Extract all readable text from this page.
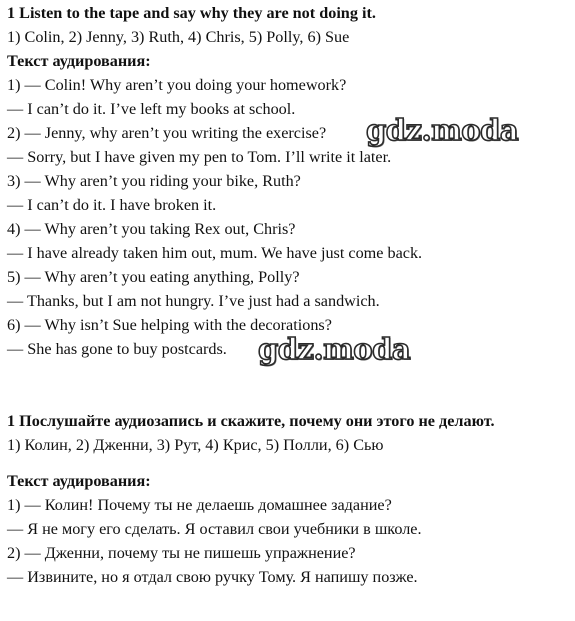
1 Listen to the tape and say why they are not doing it.
1) Colin, 2) Jenny, 3) Ruth, 4) Chris, 5) Polly, 6) Sue
Текст аудирования:
1) — Colin! Why aren’t you doing your homework?
— I can’t do it. I’ve left my books at school.
2) — Jenny, why aren’t you writing the exercise?
— Sorry, but I have given my pen to Tom. I’ll write it later.
3) — Why aren’t you riding your bike, Ruth?
— I can’t do it. I have broken it.
4) — Why aren’t you taking Rex out, Chris?
— I have already taken him out, mum. We have just come back.
5) — Why aren’t you eating anything, Polly?
— Thanks, but I am not hungry. I’ve just had a sandwich.
6) — Why isn’t Sue helping with the decorations?
— She has gone to buy postcards.
gdz.moda
gdz.moda
1 Послушайте аудиозапись и скажите, почему они этого не делают.
1) Колин, 2) Дженни, 3) Рут, 4) Крис, 5) Полли, 6) Сью
Текст аудирования:
1) — Колин! Почему ты не делаешь домашнее задание?
— Я не могу его сделать. Я оставил свои учебники в школе.
2) — Дженни, почему ты не пишешь упражнение?
— Извините, но я отдал свою ручку Тому. Я напишу позже.
